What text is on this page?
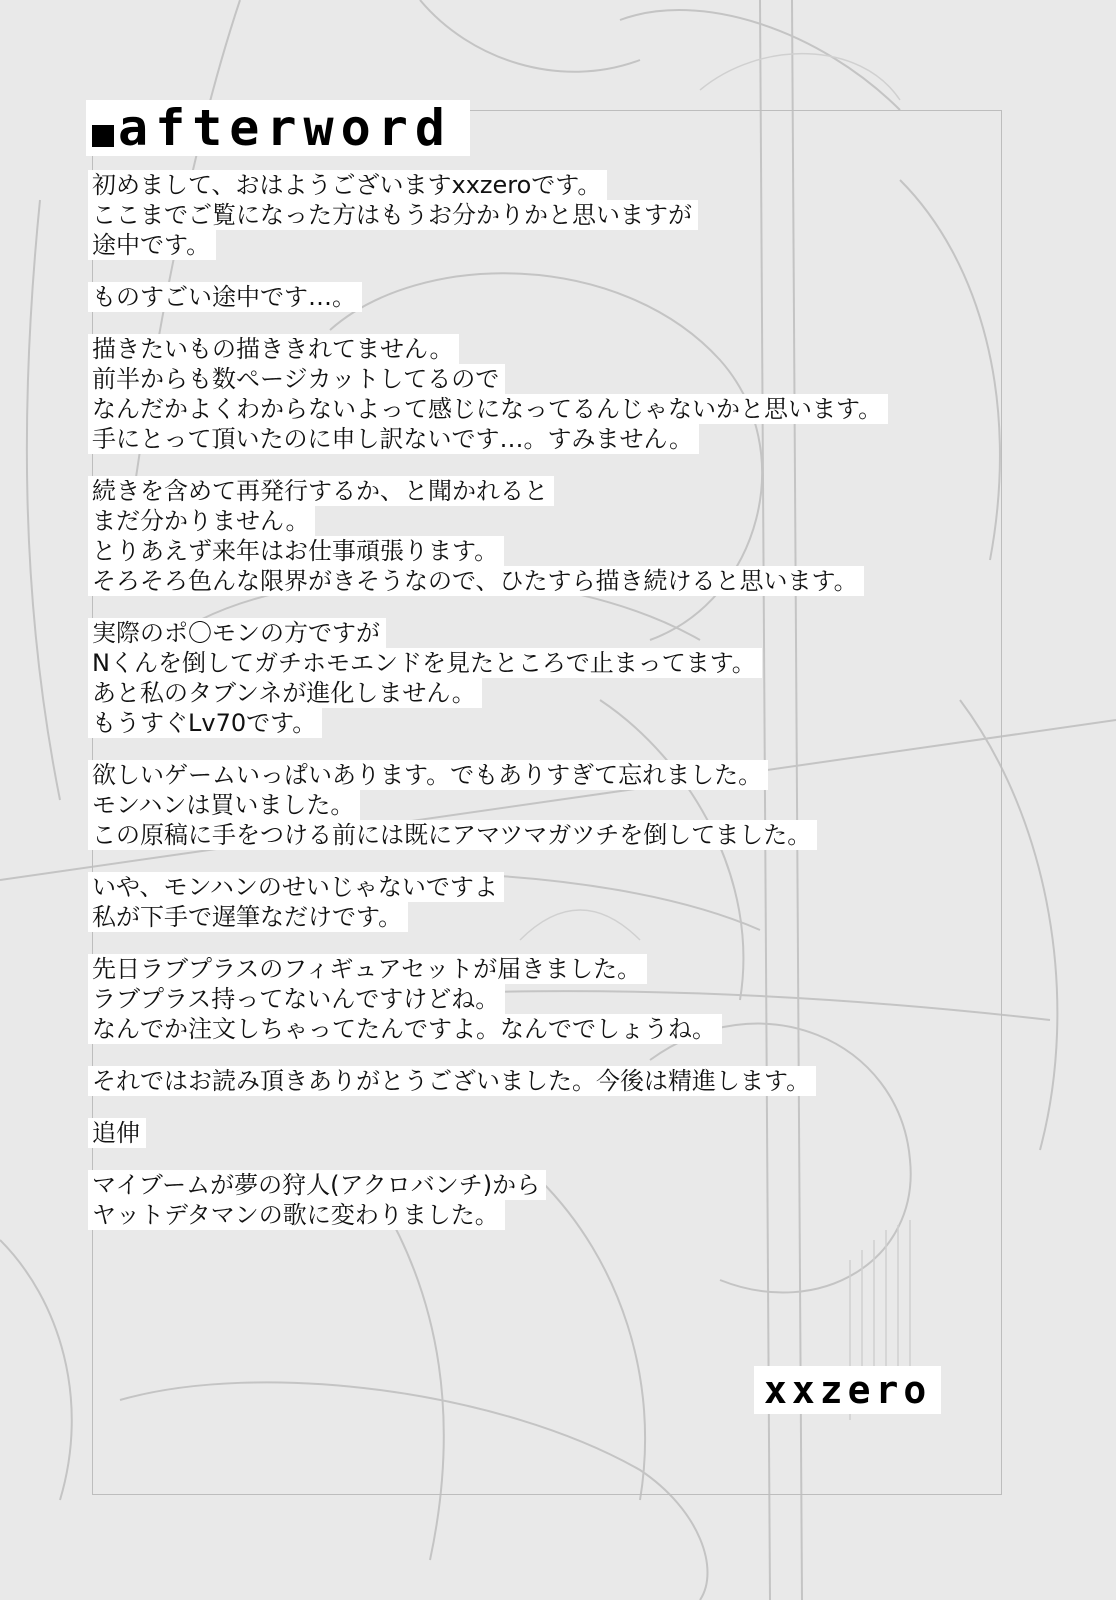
afterword
初めまして、おはようございますxxzeroです。
ここまでご覧になった方はもうお分かりかと思いますが
途中です。
ものすごい途中です…。
描きたいもの描ききれてません。
前半からも数ページカットしてるので
なんだかよくわからないよって感じになってるんじゃないかと思います。
手にとって頂いたのに申し訳ないです…。すみません。
続きを含めて再発行するか、と聞かれると
まだ分かりません。
とりあえず来年はお仕事頑張ります。
そろそろ色んな限界がきそうなので、ひたすら描き続けると思います。
実際のポ〇モンの方ですが
Nくんを倒してガチホモエンドを見たところで止まってます。
あと私のタブンネが進化しません。
もうすぐLv70です。
欲しいゲームいっぱいあります。でもありすぎて忘れました。
モンハンは買いました。
この原稿に手をつける前には既にアマツマガツチを倒してました。
いや、モンハンのせいじゃないですよ
私が下手で遅筆なだけです。
先日ラブプラスのフィギュアセットが届きました。
ラブプラス持ってないんですけどね。
なんでか注文しちゃってたんですよ。なんででしょうね。
それではお読み頂きありがとうございました。今後は精進します。
追伸
マイブームが夢の狩人(アクロバンチ)から
ヤットデタマンの歌に変わりました。
xxzero
